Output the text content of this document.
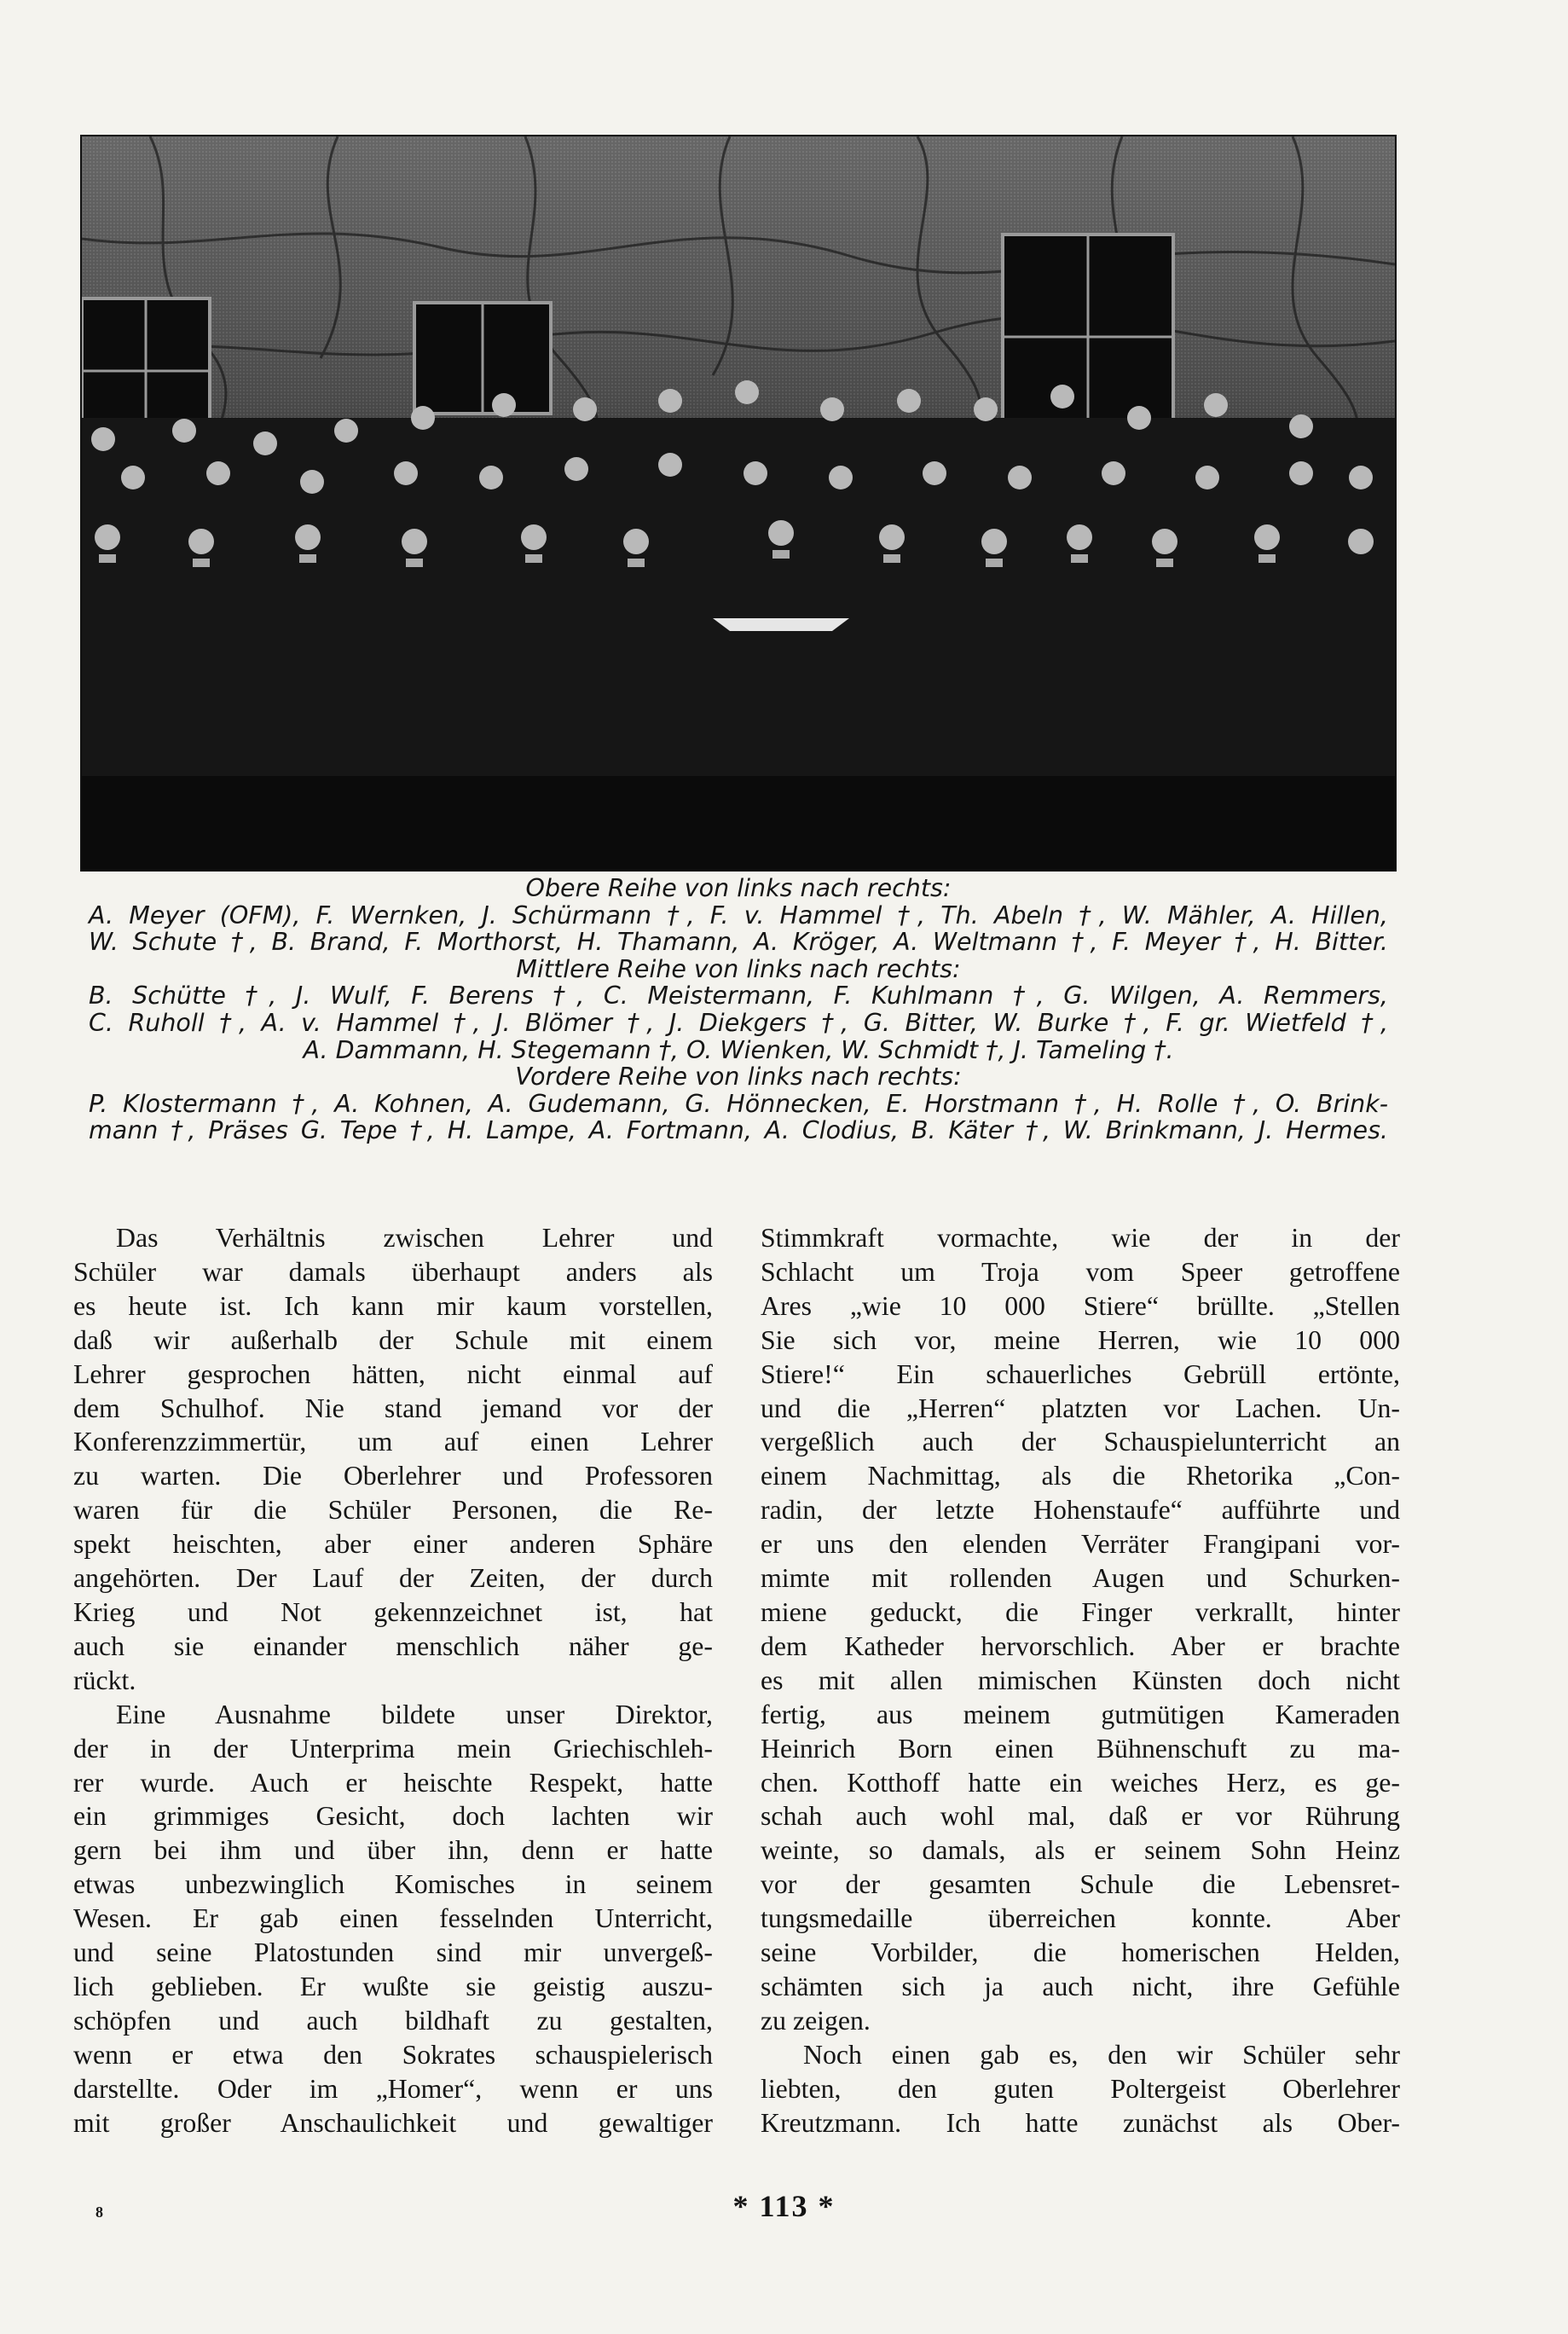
Obere Reihe von links nach rechts:
A. Meyer (OFM), F. Wernken, J. Schürmann †, F. v. Hammel †, Th. Abeln †, W. Mähler, A. Hillen,
W. Schute †, B. Brand, F. Morthorst, H. Thamann, A. Kröger, A. Weltmann †, F. Meyer †, H. Bitter.
Mittlere Reihe von links nach rechts:
B. Schütte †, J. Wulf, F. Berens †, C. Meistermann, F. Kuhlmann †, G. Wilgen, A. Remmers,
C. Ruholl †, A. v. Hammel †, J. Blömer †, J. Diekgers †, G. Bitter, W. Burke †, F. gr. Wietfeld †,
A. Dammann, H. Stegemann †, O. Wienken, W. Schmidt †, J. Tameling †.
Vordere Reihe von links nach rechts:
P. Klostermann †, A. Kohnen, A. Gudemann, G. Hönnecken, E. Horstmann †, H. Rolle †, O. Brink-
mann †, Präses G. Tepe †, H. Lampe, A. Fortmann, A. Clodius, B. Käter †, W. Brinkmann, J. Hermes.
Das Verhältnis zwischen Lehrer und
Schüler war damals überhaupt anders als
es heute ist. Ich kann mir kaum vorstellen,
daß wir außerhalb der Schule mit einem
Lehrer gesprochen hätten, nicht einmal auf
dem Schulhof. Nie stand jemand vor der
Konferenzzimmertür, um auf einen Lehrer
zu warten. Die Oberlehrer und Professoren
waren für die Schüler Personen, die Re-
spekt heischten, aber einer anderen Sphäre
angehörten. Der Lauf der Zeiten, der durch
Krieg und Not gekennzeichnet ist, hat
auch sie einander menschlich näher ge-
rückt.
Eine Ausnahme bildete unser Direktor,
der in der Unterprima mein Griechischleh-
rer wurde. Auch er heischte Respekt, hatte
ein grimmiges Gesicht, doch lachten wir
gern bei ihm und über ihn, denn er hatte
etwas unbezwinglich Komisches in seinem
Wesen. Er gab einen fesselnden Unterricht,
und seine Platostunden sind mir unvergeß-
lich geblieben. Er wußte sie geistig auszu-
schöpfen und auch bildhaft zu gestalten,
wenn er etwa den Sokrates schauspielerisch
darstellte. Oder im „Homer“, wenn er uns
mit großer Anschaulichkeit und gewaltiger
Stimmkraft vormachte, wie der in der
Schlacht um Troja vom Speer getroffene
Ares „wie 10 000 Stiere“ brüllte. „Stellen
Sie sich vor, meine Herren, wie 10 000
Stiere!“ Ein schauerliches Gebrüll ertönte,
und die „Herren“ platzten vor Lachen. Un-
vergeßlich auch der Schauspielunterricht an
einem Nachmittag, als die Rhetorika „Con-
radin, der letzte Hohenstaufe“ aufführte und
er uns den elenden Verräter Frangipani vor-
mimte mit rollenden Augen und Schurken-
miene geduckt, die Finger verkrallt, hinter
dem Katheder hervorschlich. Aber er brachte
es mit allen mimischen Künsten doch nicht
fertig, aus meinem gutmütigen Kameraden
Heinrich Born einen Bühnenschuft zu ma-
chen. Kotthoff hatte ein weiches Herz, es ge-
schah auch wohl mal, daß er vor Rührung
weinte, so damals, als er seinem Sohn Heinz
vor der gesamten Schule die Lebensret-
tungsmedaille überreichen konnte. Aber
seine Vorbilder, die homerischen Helden,
schämten sich ja auch nicht, ihre Gefühle
zu zeigen.
Noch einen gab es, den wir Schüler sehr
liebten, den guten Poltergeist Oberlehrer
Kreutzmann. Ich hatte zunächst als Ober-
8	* 113 *
